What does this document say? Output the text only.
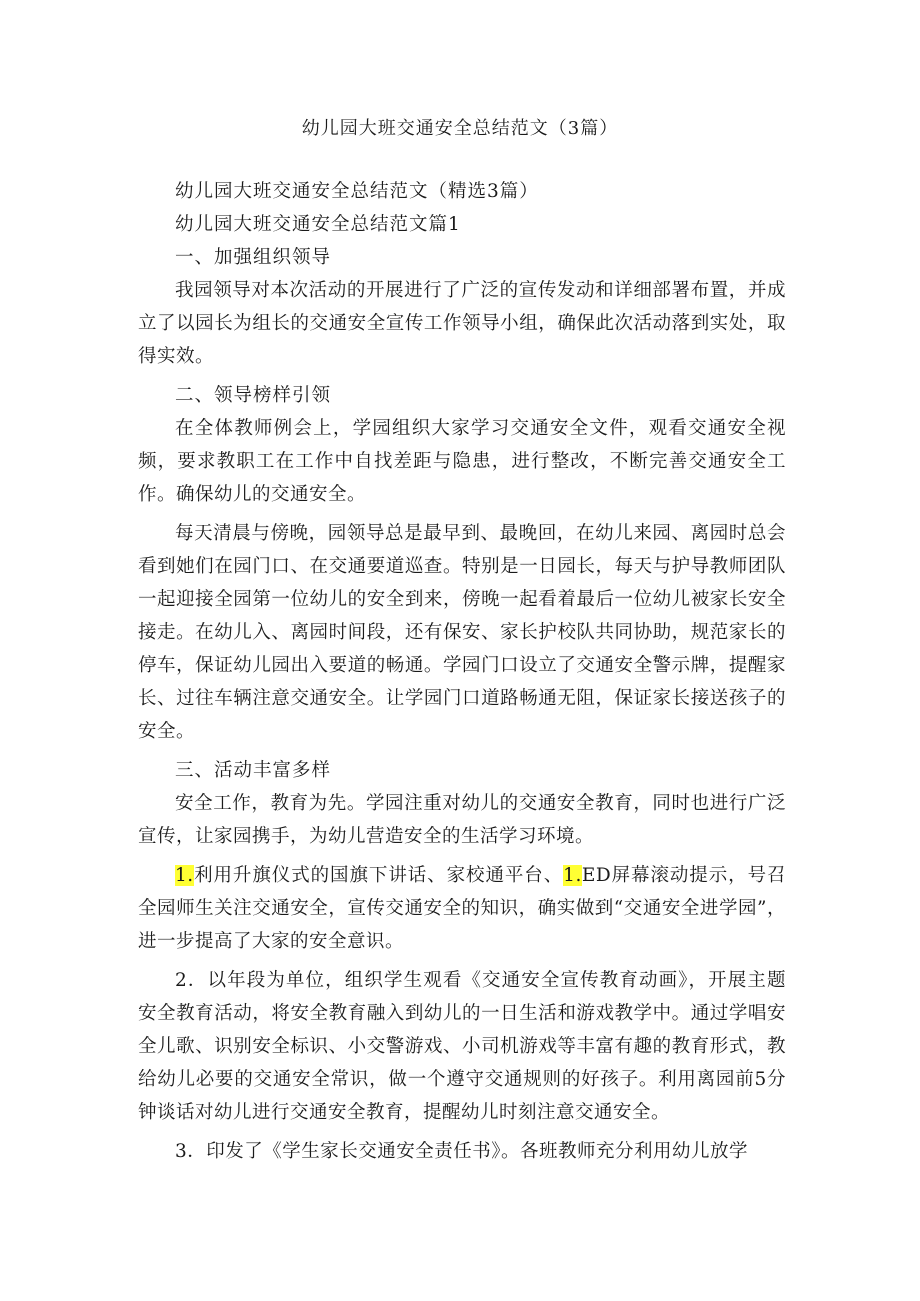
幼儿园大班交通安全总结范文（3篇）

幼儿园大班交通安全总结范文（精选3篇）

幼儿园大班交通安全总结范文篇1

一、加强组织领导

我园领导对本次活动的开展进行了广泛的宣传发动和详细部署布置，并成立了以园长为组长的交通安全宣传工作领导小组，确保此次活动落到实处，取得实效。

二、领导榜样引领

在全体教师例会上，学园组织大家学习交通安全文件，观看交通安全视频，要求教职工在工作中自找差距与隐患，进行整改，不断完善交通安全工作。确保幼儿的交通安全。

每天清晨与傍晚，园领导总是最早到、最晚回，在幼儿来园、离园时总会看到她们在园门口、在交通要道巡查。特别是一日园长，每天与护导教师团队一起迎接全园第一位幼儿的安全到来，傍晚一起看着最后一位幼儿被家长安全接走。在幼儿入、离园时间段，还有保安、家长护校队共同协助，规范家长的停车，保证幼儿园出入要道的畅通。学园门口设立了交通安全警示牌，提醒家长、过往车辆注意交通安全。让学园门口道路畅通无阻，保证家长接送孩子的安全。

三、活动丰富多样

安全工作，教育为先。学园注重对幼儿的交通安全教育，同时也进行广泛宣传，让家园携手，为幼儿营造安全的生活学习环境。

1.利用升旗仪式的国旗下讲话、家校通平台、1.ED屏幕滚动提示，号召全园师生关注交通安全，宣传交通安全的知识，确实做到“交通安全进学园”，进一步提高了大家的安全意识。

2．以年段为单位，组织学生观看《交通安全宣传教育动画》，开展主题安全教育活动，将安全教育融入到幼儿的一日生活和游戏教学中。通过学唱安全儿歌、识别安全标识、小交警游戏、小司机游戏等丰富有趣的教育形式，教给幼儿必要的交通安全常识，做一个遵守交通规则的好孩子。利用离园前5分钟谈话对幼儿进行交通安全教育，提醒幼儿时刻注意交通安全。

3．印发了《学生家长交通安全责任书》。各班教师充分利用幼儿放学
